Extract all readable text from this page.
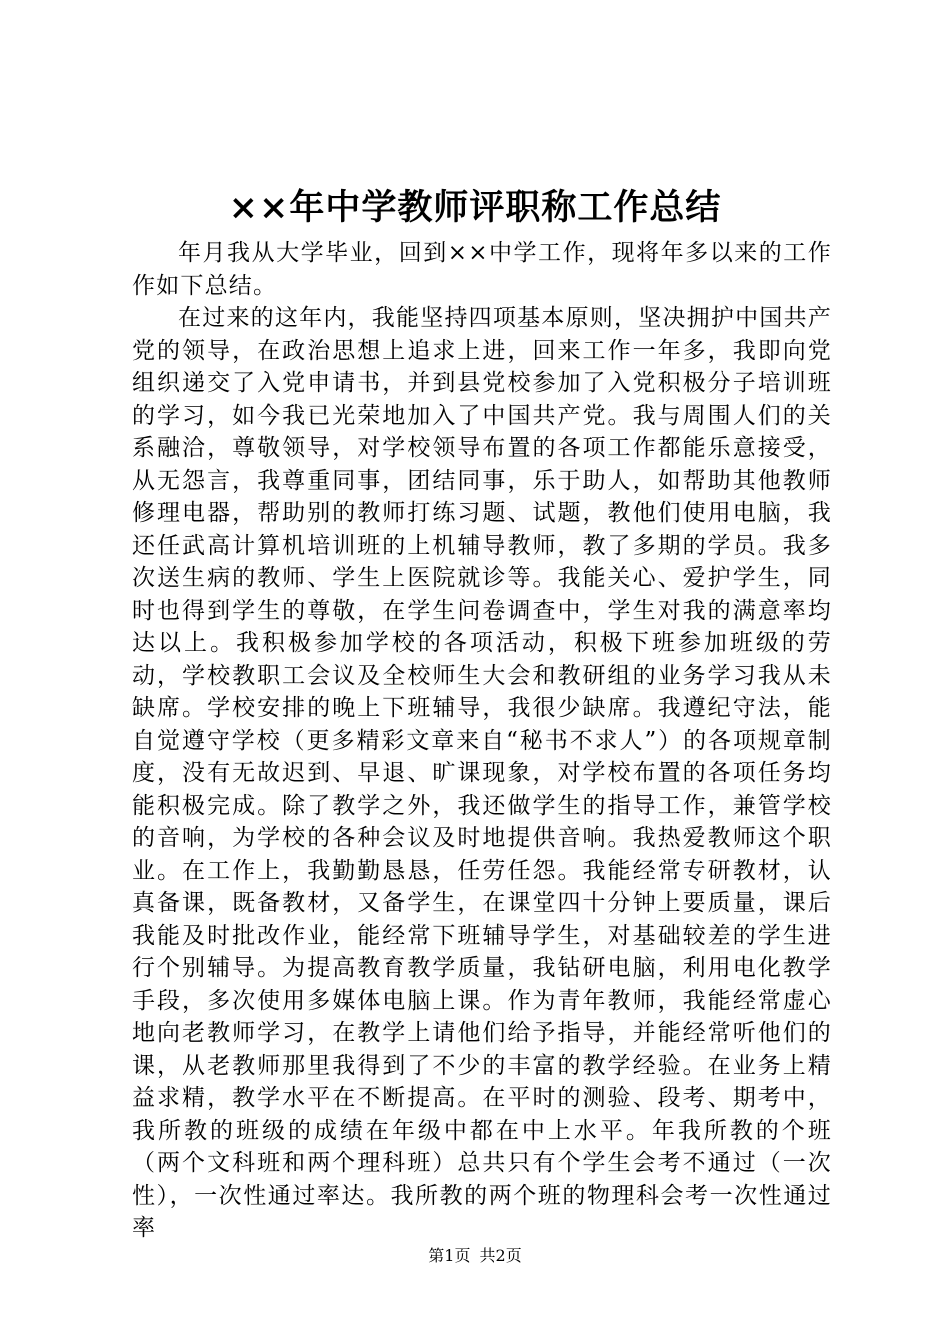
××年中学教师评职称工作总结

年月我从大学毕业，回到××中学工作，现将年多以来的工作作如下总结。

在过来的这年内，我能坚持四项基本原则，坚决拥护中国共产党的领导，在政治思想上追求上进，回来工作一年多，我即向党组织递交了入党申请书，并到县党校参加了入党积极分子培训班的学习，如今我已光荣地加入了中国共产党。我与周围人们的关系融洽，尊敬领导，对学校领导布置的各项工作都能乐意接受，从无怨言，我尊重同事，团结同事，乐于助人，如帮助其他教师修理电器，帮助别的教师打练习题、试题，教他们使用电脑，我还任武高计算机培训班的上机辅导教师，教了多期的学员。我多次送生病的教师、学生上医院就诊等。我能关心、爱护学生，同时也得到学生的尊敬，在学生问卷调查中，学生对我的满意率均达以上。我积极参加学校的各项活动，积极下班参加班级的劳动，学校教职工会议及全校师生大会和教研组的业务学习我从未缺席。学校安排的晚上下班辅导，我很少缺席。我遵纪守法，能自觉遵守学校（更多精彩文章来自“秘书不求人”）的各项规章制度，没有无故迟到、早退、旷课现象，对学校布置的各项任务均能积极完成。除了教学之外，我还做学生的指导工作，兼管学校的音响，为学校的各种会议及时地提供音响。我热爱教师这个职业。在工作上，我勤勤恳恳，任劳任怨。我能经常专研教材，认真备课，既备教材，又备学生，在课堂四十分钟上要质量，课后我能及时批改作业，能经常下班辅导学生，对基础较差的学生进行个别辅导。为提高教育教学质量，我钻研电脑，利用电化教学手段，多次使用多媒体电脑上课。作为青年教师，我能经常虚心地向老教师学习，在教学上请他们给予指导，并能经常听他们的课，从老教师那里我得到了不少的丰富的教学经验。在业务上精益求精，教学水平在不断提高。在平时的测验、段考、期考中，我所教的班级的成绩在年级中都在中上水平。年我所教的个班（两个文科班和两个理科班）总共只有个学生会考不通过（一次性），一次性通过率达。我所教的两个班的物理科会考一次性通过率

第1页 共2页
